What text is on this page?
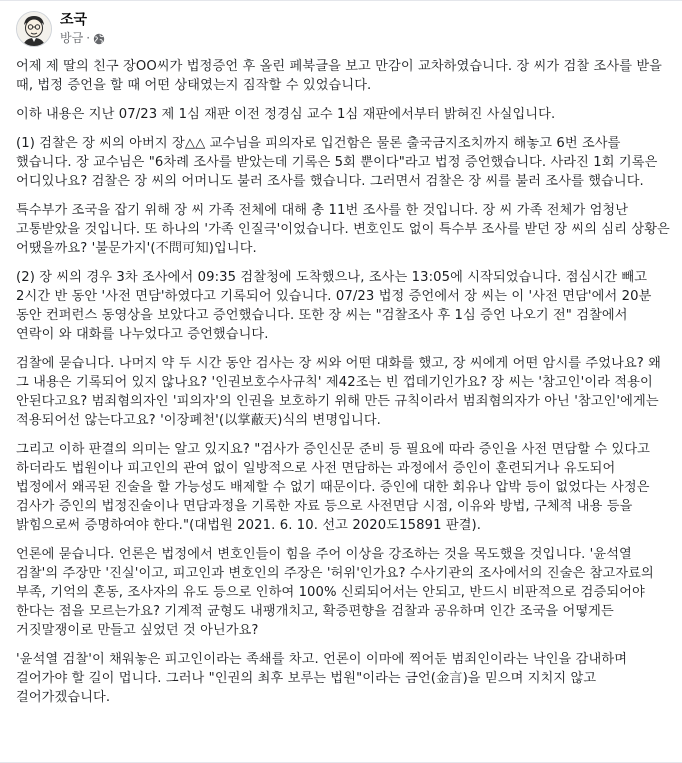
조국
방금 ·

어제 제 딸의 친구 장OO씨가 법정증언 후 올린 페북글을 보고 만감이 교차하였습니다. 장 씨가 검찰 조사를 받을 때, 법정 증언을 할 때 어떤 상태였는지 짐작할 수 있었습니다.

이하 내용은 지난 07/23 제 1심 재판 이전 정경심 교수 1심 재판에서부터 밝혀진 사실입니다.

(1) 검찰은 장 씨의 아버지 장△△ 교수님을 피의자로 입건함은 물론 출국금지조치까지 해놓고 6번 조사를 했습니다. 장 교수님은 "6차례 조사를 받았는데 기록은 5회 뿐이다"라고 법정 증언했습니다. 사라진 1회 기록은 어디있나요? 검찰은 장 씨의 어머니도 불러 조사를 했습니다. 그러면서 검찰은 장 씨를 불러 조사를 했습니다.

특수부가 조국을 잡기 위해 장 씨 가족 전체에 대해 총 11번 조사를 한 것입니다. 장 씨 가족 전체가 엄청난 고통받았을 것입니다. 또 하나의 '가족 인질극'이었습니다. 변호인도 없이 특수부 조사를 받던 장 씨의 심리 상황은 어땠을까요? '불문가지'(不問可知)입니다.

(2) 장 씨의 경우 3차 조사에서 09:35 검찰청에 도착했으나, 조사는 13:05에 시작되었습니다. 점심시간 빼고 2시간 반 동안 '사전 면담'하였다고 기록되어 있습니다. 07/23 법정 증언에서 장 씨는 이 '사전 면담'에서 20분 동안 컨퍼런스 동영상을 보았다고 증언했습니다. 또한 장 씨는 "검찰조사 후 1심 증언 나오기 전" 검찰에서 연락이 와 대화를 나누었다고 증언했습니다.

검찰에 묻습니다. 나머지 약 두 시간 동안 검사는 장 씨와 어떤 대화를 했고, 장 씨에게 어떤 암시를 주었나요? 왜 그 내용은 기록되어 있지 않나요? '인권보호수사규칙' 제42조는 빈 껍데기인가요? 장 씨는 '참고인'이라 적용이 안된다고요? 범죄혐의자인 '피의자'의 인권을 보호하기 위해 만든 규칙이라서 범죄혐의자가 아닌 '참고인'에게는 적용되어선 않는다고요? '이장폐천'(以掌蔽天)식의 변명입니다.

그리고 이하 판결의 의미는 알고 있지요? "검사가 증인신문 준비 등 필요에 따라 증인을 사전 면담할 수 있다고 하더라도 법원이나 피고인의 관여 없이 일방적으로 사전 면담하는 과정에서 증인이 훈련되거나 유도되어 법정에서 왜곡된 진술을 할 가능성도 배제할 수 없기 때문이다. 증인에 대한 회유나 압박 등이 없었다는 사정은 검사가 증인의 법정진술이나 면담과정을 기록한 자료 등으로 사전면담 시점, 이유와 방법, 구체적 내용 등을 밝힘으로써 증명하여야 한다."(대법원 2021. 6. 10. 선고 2020도15891 판결).

언론에 묻습니다. 언론은 법정에서 변호인들이 힘을 주어 이상을 강조하는 것을 목도했을 것입니다. '윤석열 검찰'의 주장만 '진실'이고, 피고인과 변호인의 주장은 '허위'인가요? 수사기관의 조사에서의 진술은 참고자료의 부족, 기억의 혼동, 조사자의 유도 등으로 인하여 100% 신뢰되어서는 안되고, 반드시 비판적으로 검증되어야 한다는 점을 모르는가요? 기계적 균형도 내팽개치고, 확증편향을 검찰과 공유하며 인간 조국을 어떻게든 거짓말쟁이로 만들고 싶었던 것 아닌가요?

'윤석열 검찰'이 채워놓은 피고인이라는 족쇄를 차고. 언론이 이마에 찍어둔 범죄인이라는 낙인을 감내하며 걸어가야 할 길이 멉니다. 그러나 "인권의 최후 보루는 법원"이라는 금언(金言)을 믿으며 지치지 않고 걸어가겠습니다.
